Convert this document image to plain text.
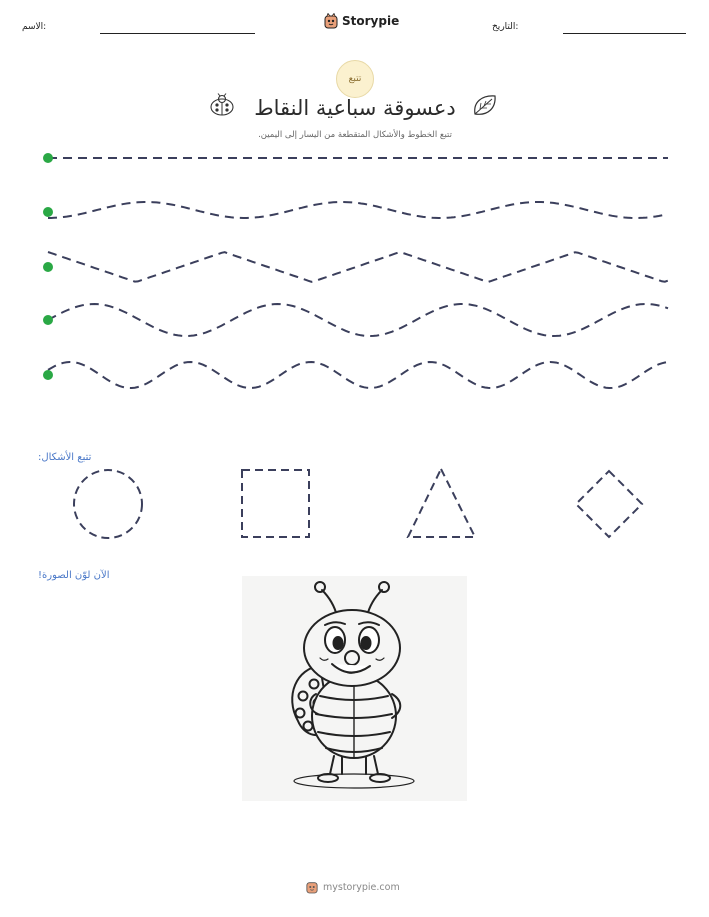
الاسم:	Storypie	التاريخ:
تتبع
دعسوقة سباعية النقاط
تتبع الخطوط والأشكال المتقطعة من اليسار إلى اليمين.
تتبع الأشكال:
الآن لوّن الصورة!
mystorypie.com
